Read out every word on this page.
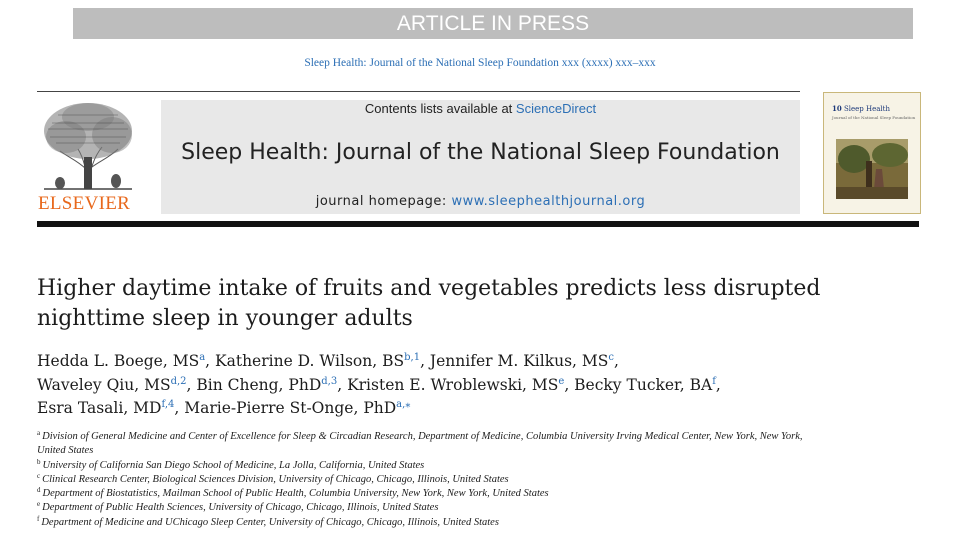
ARTICLE IN PRESS
Sleep Health: Journal of the National Sleep Foundation xxx (xxxx) xxx–xxx
ELSEVIER
Contents lists available at ScienceDirect
Sleep Health: Journal of the National Sleep Foundation
journal homepage: www.sleephealthjournal.org
10 Sleep Health
Journal of the National Sleep Foundation
Higher daytime intake of fruits and vegetables predicts less disrupted nighttime sleep in younger adults
Hedda L. Boege, $MS^a$, Katherine D. Wilson, BS$^{b,1}$, Jennifer M. Kilkus, $MS^c$,
Waveley Qiu, MS$^{d,2}$, Bin Cheng, PhD$^{d,3}$, Kristen E. Wroblewski, $MS^e$, Becky Tucker, $BA^f$,
Esra Tasali, MD$^{f,4}$, Marie-Pierre St-Onge, PhD$^{a,⁎}$
$^a$ Division of General Medicine and Center of Excellence for Sleep & Circadian Research, Department of Medicine, Columbia University Irving Medical Center, New York, New York, United States
$^b$ University of California San Diego School of Medicine, La Jolla, California, United States
$^c$ Clinical Research Center, Biological Sciences Division, University of Chicago, Chicago, Illinois, United States
$^d$ Department of Biostatistics, Mailman School of Public Health, Columbia University, New York, New York, United States
$^e$ Department of Public Health Sciences, University of Chicago, Chicago, Illinois, United States
$^f$ Department of Medicine and UChicago Sleep Center, University of Chicago, Chicago, Illinois, United States
